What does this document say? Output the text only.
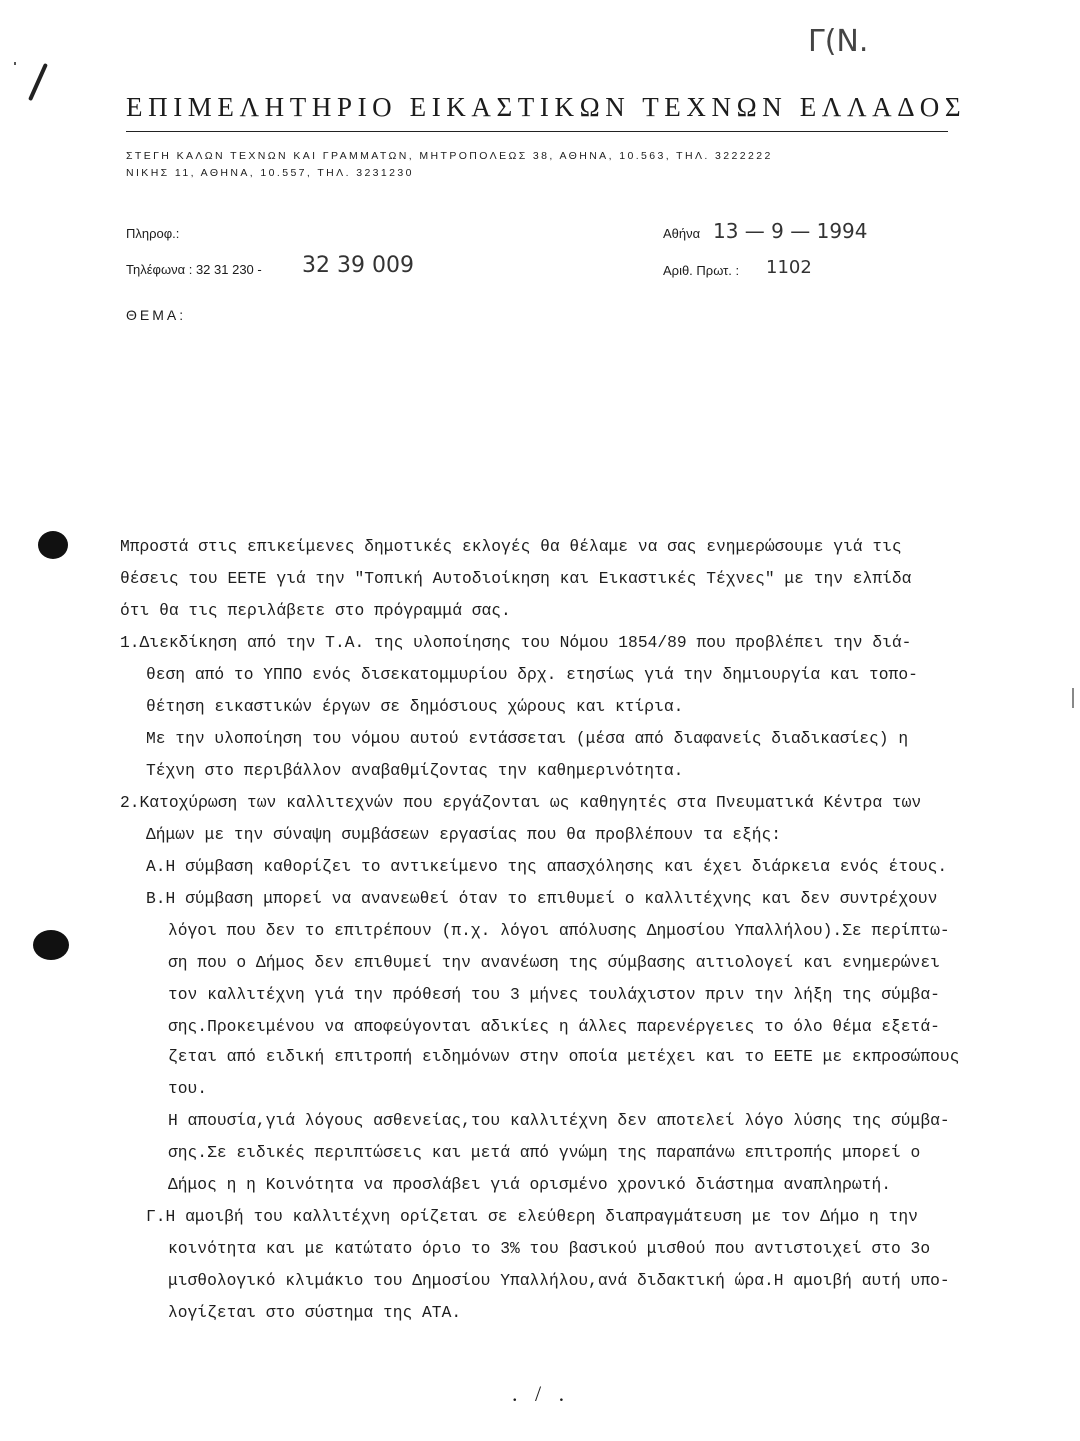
Γ(Ν.
ΕΠΙΜΕΛΗΤΗΡΙΟ ΕΙΚΑΣΤΙΚΩΝ ΤΕΧΝΩΝ ΕΛΛΑΔΟΣ
ΣΤΕΓΗ ΚΑΛΩΝ ΤΕΧΝΩΝ ΚΑΙ ΓΡΑΜΜΑΤΩΝ, ΜΗΤΡΟΠΟΛΕΩΣ 38, ΑΘΗΝΑ, 10.563, ΤΗΛ. 3222222
ΝΙΚΗΣ 11, ΑΘΗΝΑ, 10.557, ΤΗΛ. 3231230
Πληροφ.:
Τηλέφωνα : 32 31 230 - 32 39 009
Αθήνα 13 — 9 — 1994
Αριθ. Πρωτ. : 1102
ΘΕΜΑ:
Μπροστά στις επικείμενες δημοτικές εκλογές θα θέλαμε να σας ενημερώσουμε γιά τις
θέσεις του ΕΕΤΕ γιά την "Τοπική Αυτοδιοίκηση και Εικαστικές Τέχνες" με την ελπίδα
ότι θα τις περιλάβετε στο πρόγραμμά σας.
1.Διεκδίκηση από την Τ.Α. της υλοποίησης του Νόμου 1854/89 που προβλέπει την διά-
θεση από το ΥΠΠΟ ενός δισεκατομμυρίου δρχ. ετησίως γιά την δημιουργία και τοπο-
θέτηση εικαστικών έργων σε δημόσιους χώρους και κτίρια.
Με την υλοποίηση του νόμου αυτού εντάσσεται (μέσα από διαφανείς διαδικασίες) η
Τέχνη στο περιβάλλον αναβαθμίζοντας την καθημερινότητα.
2.Κατοχύρωση των καλλιτεχνών που εργάζονται ως καθηγητές στα Πνευματικά Κέντρα των
Δήμων με την σύναψη συμβάσεων εργασίας που θα προβλέπουν τα εξής:
Α.Η σύμβαση καθορίζει το αντικείμενο της απασχόλησης και έχει διάρκεια ενός έτους.
Β.Η σύμβαση μπορεί να ανανεωθεί όταν το επιθυμεί ο καλλιτέχνης και δεν συντρέχουν
λόγοι που δεν το επιτρέπουν (π.χ. λόγοι απόλυσης Δημοσίου Υπαλλήλου).Σε περίπτω-
ση που ο Δήμος δεν επιθυμεί την ανανέωση της σύμβασης αιτιολογεί και ενημερώνει
τον καλλιτέχνη γιά την πρόθεσή του 3 μήνες τουλάχιστον πριν την λήξη της σύμβα-
σης.Προκειμένου να αποφεύγονται αδικίες η άλλες παρενέργειες το όλο θέμα εξετά-
ζεται από ειδική επιτροπή ειδημόνων στην οποία μετέχει και το ΕΕΤΕ με εκπροσώπους
του.
Η απουσία,γιά λόγους ασθενείας,του καλλιτέχνη δεν αποτελεί λόγο λύσης της σύμβα-
σης.Σε ειδικές περιπτώσεις και μετά από γνώμη της παραπάνω επιτροπής μπορεί ο
Δήμος η η Κοινότητα να προσλάβει γιά ορισμένο χρονικό διάστημα αναπληρωτή.
Γ.Η αμοιβή του καλλιτέχνη ορίζεται σε ελεύθερη διαπραγμάτευση με τον Δήμο η την
κοινότητα και με κατώτατο όριο το 3% του βασικού μισθού που αντιστοιχεί στο 3ο
μισθολογικό κλιμάκιο του Δημοσίου Υπαλλήλου,ανά διδακτική ώρα.Η αμοιβή αυτή υπο-
λογίζεται στο σύστημα της ΑΤΑ.
. / .
